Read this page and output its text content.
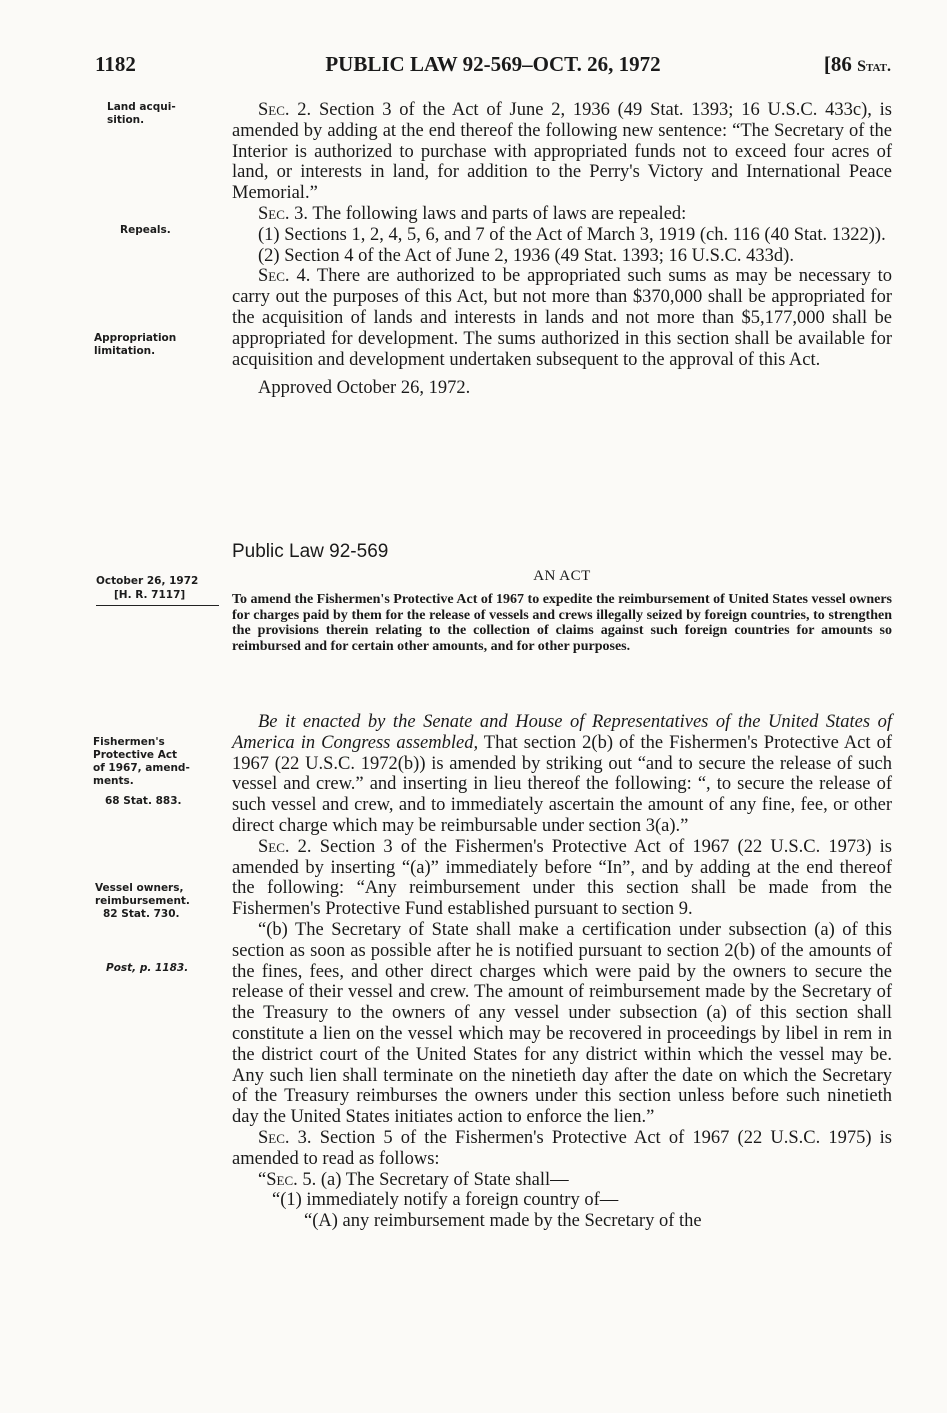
1182	PUBLIC LAW 92-569–OCT. 26, 1972	[86 Stat.
Land acqui-
sition.
Repeals.
Appropriation
limitation.
October 26, 1972
[H. R. 7117]
Fishermen's
Protective Act
of 1967, amend-
ments.
68 Stat. 883.
Vessel owners,
reimbursement.
82 Stat. 730.
Post, p. 1183.

Sec. 2. Section 3 of the Act of June 2, 1936 (49 Stat. 1393; 16 U.S.C. 433c), is amended by adding at the end thereof the following new sentence: “The Secretary of the Interior is authorized to purchase with appropriated funds not to exceed four acres of land, or interests in land, for addition to the Perry's Victory and International Peace Memorial.”

Sec. 3. The following laws and parts of laws are repealed:

(1) Sections 1, 2, 4, 5, 6, and 7 of the Act of March 3, 1919 (ch. 116 (40 Stat. 1322)).

(2) Section 4 of the Act of June 2, 1936 (49 Stat. 1393; 16 U.S.C. 433d).

Sec. 4. There are authorized to be appropriated such sums as may be necessary to carry out the purposes of this Act, but not more than $370,000 shall be appropriated for the acquisition of lands and interests in lands and not more than $5,177,000 shall be appropriated for development. The sums authorized in this section shall be available for acquisition and development undertaken subsequent to the approval of this Act.

Approved October 26, 1972.

Public Law 92-569
AN ACT
To amend the Fishermen's Protective Act of 1967 to expedite the reimbursement of United States vessel owners for charges paid by them for the release of vessels and crews illegally seized by foreign countries, to strengthen the provisions therein relating to the collection of claims against such foreign countries for amounts so reimbursed and for certain other amounts, and for other purposes.

Be it enacted by the Senate and House of Representatives of the United States of America in Congress assembled, That section 2(b) of the Fishermen's Protective Act of 1967 (22 U.S.C. 1972(b)) is amended by striking out “and to secure the release of such vessel and crew.” and inserting in lieu thereof the following: “, to secure the release of such vessel and crew, and to immediately ascertain the amount of any fine, fee, or other direct charge which may be reimbursable under section 3(a).”

Sec. 2. Section 3 of the Fishermen's Protective Act of 1967 (22 U.S.C. 1973) is amended by inserting “(a)” immediately before “In”, and by adding at the end thereof the following: “Any reimbursement under this section shall be made from the Fishermen's Protective Fund established pursuant to section 9.

“(b) The Secretary of State shall make a certification under subsection (a) of this section as soon as possible after he is notified pursuant to section 2(b) of the amounts of the fines, fees, and other direct charges which were paid by the owners to secure the release of their vessel and crew. The amount of reimbursement made by the Secretary of the Treasury to the owners of any vessel under subsection (a) of this section shall constitute a lien on the vessel which may be recovered in proceedings by libel in rem in the district court of the United States for any district within which the vessel may be. Any such lien shall terminate on the ninetieth day after the date on which the Secretary of the Treasury reimburses the owners under this section unless before such ninetieth day the United States initiates action to enforce the lien.”

Sec. 3. Section 5 of the Fishermen's Protective Act of 1967 (22 U.S.C. 1975) is amended to read as follows:

“Sec. 5. (a) The Secretary of State shall—

“(1) immediately notify a foreign country of—

“(A) any reimbursement made by the Secretary of the
